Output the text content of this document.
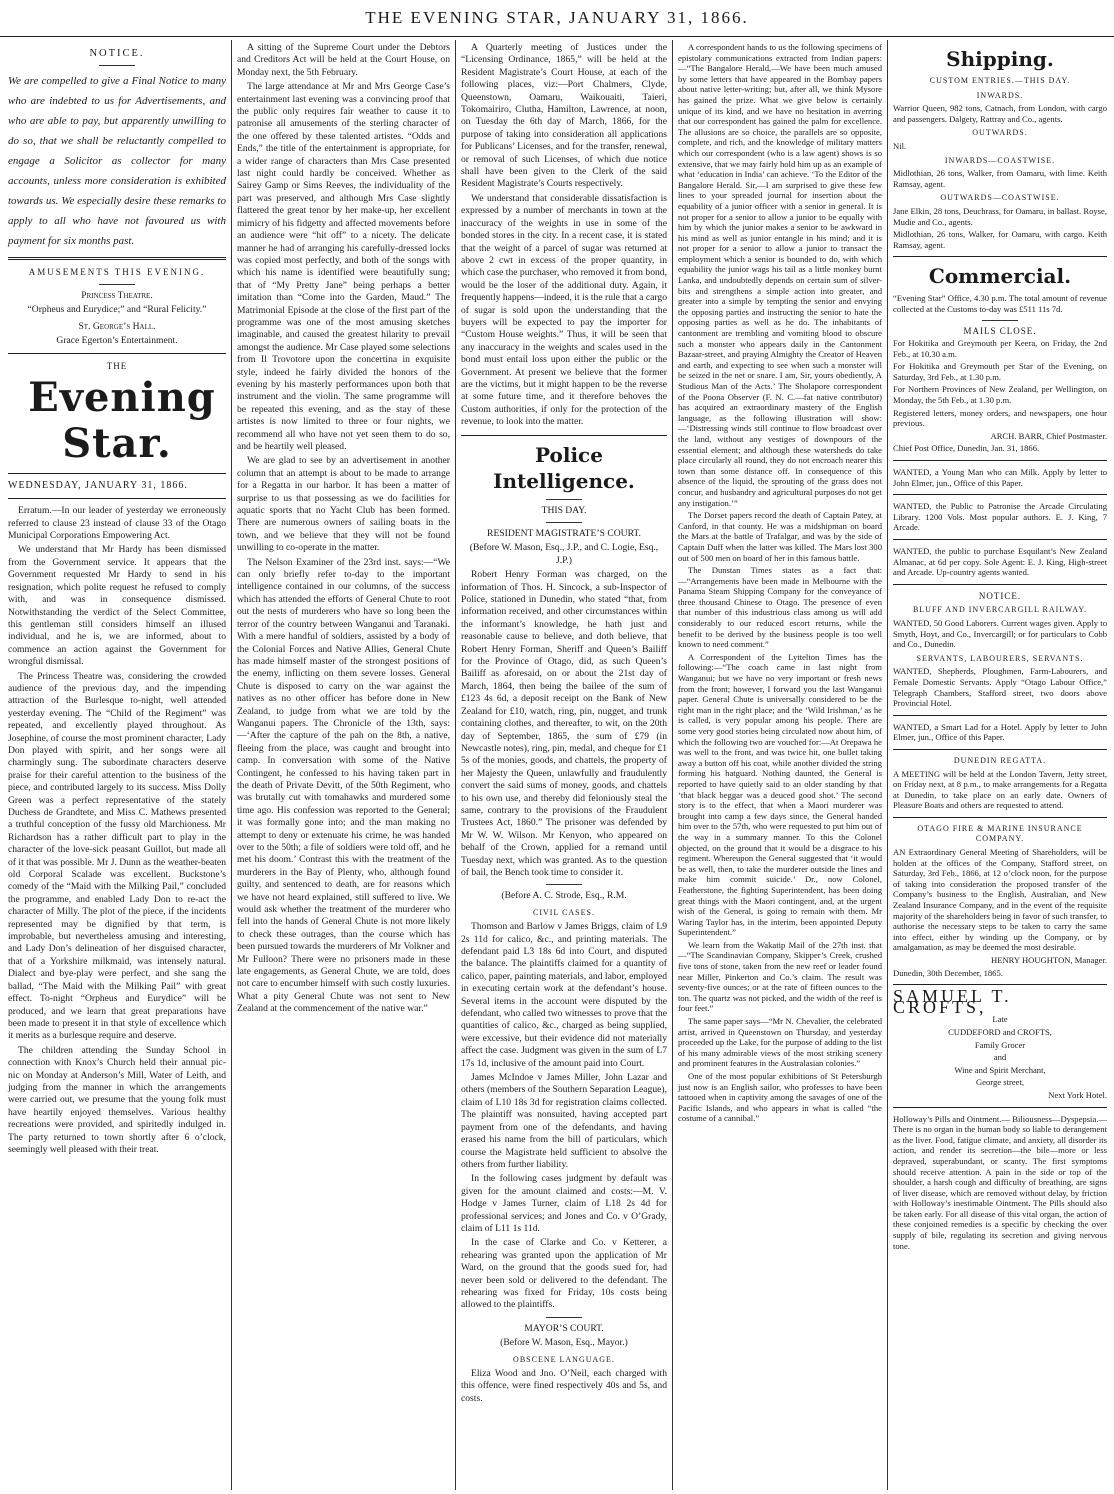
THE EVENING STAR, JANUARY 31, 1866.
NOTICE.

We are compelled to give a Final Notice to many who are indebted to us for Advertisements, and who are able to pay, but apparently unwilling to do so, that we shall be reluctantly compelled to engage a Solicitor as collector for many accounts, unless more consideration is exhibited towards us. We especially desire these remarks to apply to all who have not favoured us with payment for six months past.

AMUSEMENTS THIS EVENING.

Princess Theatre.

“Orpheus and Eurydice;” and “Rural Felicity.”

St. George’s Hall.

Grace Egerton’s Entertainment.

THE

Evening Star.

WEDNESDAY, JANUARY 31, 1866.

Erratum.—In our leader of yesterday we erroneously referred to clause 23 instead of clause 33 of the Otago Municipal Corporations Empowering Act.

We understand that Mr Hardy has been dismissed from the Government service. It appears that the Government requested Mr Hardy to send in his resignation, which polite request he refused to comply with, and was in consequence dismissed. Notwithstanding the verdict of the Select Committee, this gentleman still considers himself an illused individual, and he is, we are informed, about to commence an action against the Government for wrongful dismissal.

The Princess Theatre was, considering the crowded audience of the previous day, and the impending attraction of the Burlesque to-night, well attended yesterday evening. The “Child of the Regiment” was repeated, and excellently played throughout. As Josephine, of course the most prominent character, Lady Don played with spirit, and her songs were all charmingly sung. The subordinate characters deserve praise for their careful attention to the business of the piece, and contributed largely to its success. Miss Dolly Green was a perfect representative of the stately Duchess de Grandtete, and Miss C. Mathews presented a truthful conception of the fussy old Marchioness. Mr Richardson has a rather difficult part to play in the character of the love-sick peasant Guillot, but made all of it that was possible. Mr J. Dunn as the weather-beaten old Corporal Scalade was excellent. Buckstone’s comedy of the “Maid with the Milking Pail,” concluded the programme, and enabled Lady Don to re-act the character of Milly. The plot of the piece, if the incidents represented may be dignified by that term, is improbable, but nevertheless amusing and interesting, and Lady Don’s delineation of her disguised character, that of a Yorkshire milkmaid, was intensely natural. Dialect and bye-play were perfect, and she sang the ballad, “The Maid with the Milking Pail” with great effect. To-night “Orpheus and Eurydice” will be produced, and we learn that great preparations have been made to present it in that style of excellence which it merits as a burlesque require and deserve.

The children attending the Sunday School in connection with Knox’s Church held their annual pic-nic on Monday at Anderson’s Mill, Water of Leith, and judging from the manner in which the arrangements were carried out, we presume that the young folk must have heartily enjoyed themselves. Various healthy recreations were provided, and spiritedly indulged in. The party returned to town shortly after 6 o’clock, seemingly well pleased with their treat.

A sitting of the Supreme Court under the Debtors and Creditors Act will be held at the Court House, on Monday next, the 5th February.

The large attendance at Mr and Mrs George Case’s entertainment last evening was a convincing proof that the public only requires fair weather to cause it to patronise all amusements of the sterling character of the one offered by these talented artistes. “Odds and Ends,” the title of the entertainment is appropriate, for a wider range of characters than Mrs Case presented last night could hardly be conceived. Whether as Sairey Gamp or Sims Reeves, the individuality of the part was preserved, and although Mrs Case slightly flattered the great tenor by her make-up, her excellent mimicry of his fidgetty and affected movements before an audience were “hit off” to a nicety. The delicate manner he had of arranging his carefully-dressed locks was copied most perfectly, and both of the songs with which his name is identified were beautifully sung; that of “My Pretty Jane” being perhaps a better imitation than “Come into the Garden, Maud.” The Matrimonial Episode at the close of the first part of the programme was one of the most amusing sketches imaginable, and caused the greatest hilarity to prevail amongst the audience. Mr Case played some selections from Il Trovotore upon the concertina in exquisite style, indeed he fairly divided the honors of the evening by his masterly performances upon both that instrument and the violin. The same programme will be repeated this evening, and as the stay of these artistes is now limited to three or four nights, we recommend all who have not yet seen them to do so, and be heartily well pleased.

We are glad to see by an advertisement in another column that an attempt is about to be made to arrange for a Regatta in our harbor. It has been a matter of surprise to us that possessing as we do facilities for aquatic sports that no Yacht Club has been formed. There are numerous owners of sailing boats in the town, and we believe that they will not be found unwilling to co-operate in the matter.

The Nelson Examiner of the 23rd inst. says:—“We can only briefly refer to-day to the important intelligence contained in our columns, of the success which has attended the efforts of General Chute to root out the nests of murderers who have so long been the terror of the country between Wanganui and Taranaki. With a mere handful of soldiers, assisted by a body of the Colonial Forces and Native Allies, General Chute has made himself master of the strongest positions of the enemy, inflicting on them severe losses. General Chute is disposed to carry on the war against the natives as no other officer has before done in New Zealand, to judge from what we are told by the Wanganui papers. The Chronicle of the 13th, says: —‘After the capture of the pah on the 8th, a native, fleeing from the place, was caught and brought into camp. In conversation with some of the Native Contingent, he confessed to his having taken part in the death of Private Devitt, of the 50th Regiment, who was brutally cut with tomahawks and murdered some time ago. His confession was reported to the General; it was formally gone into; and the man making no attempt to deny or extenuate his crime, he was handed over to the 50th; a file of soldiers were told off, and he met his doom.’ Contrast this with the treatment of the murderers in the Bay of Plenty, who, although found guilty, and sentenced to death, are for reasons which we have not heard explained, still suffered to live. We would ask whether the treatment of the murderer who fell into the hands of General Chute is not more likely to check these outrages, than the course which has been pursued towards the murderers of Mr Volkner and Mr Fulloon? There were no prisoners made in these late engagements, as General Chute, we are told, does not care to encumber himself with such costly luxuries. What a pity General Chute was not sent to New Zealand at the commencement of the native war.”

A Quarterly meeting of Justices under the “Licensing Ordinance, 1865,” will be held at the Resident Magistrate’s Court House, at each of the following places, viz:—Port Chalmers, Clyde, Queenstown, Oamaru, Waikouaiti, Taieri, Tokomairiro, Clutha, Hamilton, Lawrence, at noon, on Tuesday the 6th day of March, 1866, for the purpose of taking into consideration all applications for Publicans’ Licenses, and for the transfer, renewal, or removal of such Licenses, of which due notice shall have been given to the Clerk of the said Resident Magistrate’s Courts respectively.

We understand that considerable dissatisfaction is expressed by a number of merchants in town at the inaccuracy of the weights in use in some of the bonded stores in the city. In a recent case, it is stated that the weight of a parcel of sugar was returned at above 2 cwt in excess of the proper quantity, in which case the purchaser, who removed it from bond, would be the loser of the additional duty. Again, it frequently happens—indeed, it is the rule that a cargo of sugar is sold upon the understanding that the buyers will be expected to pay the importer for “Custom House weights.” Thus, it will be seen that any inaccuracy in the weights and scales used in the bond must entail loss upon either the public or the Government. At present we believe that the former are the victims, but it might happen to be the reverse at some future time, and it therefore behoves the Custom authorities, if only for the protection of the revenue, to look into the matter.

Police Intelligence.

THIS DAY.

RESIDENT MAGISTRATE’S COURT.

(Before W. Mason, Esq., J.P., and C. Logie, Esq., J.P.)

Robert Henry Forman was charged, on the information of Thos. H. Sincock, a sub-Inspector of Police, stationed in Dunedin, who stated “that, from information received, and other circumstances within the informant’s knowledge, he hath just and reasonable cause to believe, and doth believe, that Robert Henry Forman, Sheriff and Queen’s Bailiff for the Province of Otago, did, as such Queen’s Bailiff as aforesaid, on or about the 21st day of March, 1864, then being the bailee of the sum of £123 4s 6d, a deposit receipt on the Bank of New Zealand for £10, watch, ring, pin, nugget, and trunk containing clothes, and thereafter, to wit, on the 20th day of September, 1865, the sum of £79 (in Newcastle notes), ring, pin, medal, and cheque for £1 5s of the monies, goods, and chattels, the property of her Majesty the Queen, unlawfully and fraudulently convert the said sums of money, goods, and chattels to his own use, and thereby did feloniously steal the same, contrary to the provisions of the Fraudulent Trustees Act, 1860.” The prisoner was defended by Mr W. W. Wilson. Mr Kenyon, who appeared on behalf of the Crown, applied for a remand until Tuesday next, which was granted. As to the question of bail, the Bench took time to consider it.

(Before A. C. Strode, Esq., R.M.

CIVIL CASES.

Thomson and Barlow v James Briggs, claim of L9 2s 11d for calico, &c., and printing materials. The defendant paid L3 18s 6d into Court, and disputed the balance. The plaintiffs claimed for a quantity of calico, paper, painting materials, and labor, employed in executing certain work at the defendant’s house. Several items in the account were disputed by the defendant, who called two witnesses to prove that the quantities of calico, &c., charged as being supplied, were excessive, but their evidence did not materially affect the case. Judgment was given in the sum of L7 17s 1d, inclusive of the amount paid into Court.

James McIndoe v James Miller, John Lazar and others (members of the Southern Separation League), claim of L10 18s 3d for registration claims collected. The plaintiff was nonsuited, having accepted part payment from one of the defendants, and having erased his name from the bill of particulars, which course the Magistrate held sufficient to absolve the others from further liability.

In the following cases judgment by default was given for the amount claimed and costs:—M. V. Hodge v James Turner, claim of L18 2s 4d for professional services; and Jones and Co. v O’Grady, claim of L11 1s 11d.

In the case of Clarke and Co. v Ketterer, a rehearing was granted upon the application of Mr Ward, on the ground that the goods sued for, had never been sold or delivered to the defendant. The rehearing was fixed for Friday, 10s costs being allowed to the plaintiffs.

MAYOR’S COURT.

(Before W. Mason, Esq., Mayor.)

OBSCENE LANGUAGE.

Eliza Wood and Jno. O’Neil, each charged with this offence, were fined respectively 40s and 5s, and costs.

A correspondent hands to us the following specimens of epistolary communications extracted from Indian papers:—“The Bangalore Herald,—We have been much amused by some letters that have appeared in the Bombay papers about native letter-writing; but, after all, we think Mysore has gained the prize. What we give below is certainly unique of its kind, and we have no hesitation in averring that our correspondent has gained the palm for excellence. The allusions are so choice, the parallels are so opposite, complete, and rich, and the knowledge of military matters which our correspondent (who is a law agent) shows is so extensive, that we may fairly hold him up as an example of what ‘education in India’ can achieve. ‘To the Editor of the Bangalore Herald. Sir,—I am surprised to give these few lines to your spreaded journal for insertion about the equability of a junior officer with a senior in general. It is not proper for a senior to allow a junior to be equally with him by which the junior makes a senior to be awkward in his mind as well as junior entangle in his mind; and it is not proper for a senior to allow a junior to transact the employment which a senior is bounded to do, with which equability the junior wags his tail as a little monkey burnt Lanka, and undoubtedly depends on certain sum of silver-bits and strengthens a simple action into greater, and greater into a simple by tempting the senior and envying the opposing parties and instructing the senior to hate the opposing parties as well as he do. The inhabitants of cantonment are trembling and vomiting blood to obscure such a monster who appears daily in the Cantonment Bazaar-street, and praying Almighty the Creator of Heaven and earth, and expecting to see when such a monster will be seized in the net or snare. I am, Sir, yours obediently, A Studious Man of the Acts.’ The Sholapore correspondent of the Poona Observer (F. N. C.—fat native contributor) has acquired an extraordinary mastery of the English language, as the following illustration will show:—‘Distressing winds still continue to flow broadcast over the land, without any vestiges of downpours of the essential element; and although these watersheds do take place circularly all round, they do not encroach nearer this town than some distance off. In consequence of this absence of the liquid, the sprouting of the grass does not concur, and husbandry and agricultural purposes do not get any instigation.’”

The Dorset papers record the death of Captain Patey, at Canford, in that county. He was a midshipman on board the Mars at the battle of Trafalgar, and was by the side of Captain Duff when the latter was killed. The Mars lost 300 out of 500 men on board of her in this famous battle.

The Dunstan Times states as a fact that:—“Arrangements have been made in Melbourne with the Panama Steam Shipping Company for the conveyance of three thousand Chinese to Otago. The presence of even that number of this industrious class among us will add considerably to our reduced escort returns, while the benefit to be derived by the business people is too well known to need comment.”

A Correspondent of the Lyttelton Times has the following:—“The coach came in last night from Wanganui; but we have no very important or fresh news from the front; however, I forward you the last Wanganui paper. General Chute is universally considered to be the right man in the right place; and the ‘Wild Irishman,’ as he is called, is very popular among his people. There are some very good stories being circulated now about him, of which the following two are vouched for:—At Orepawa he was well to the front, and was twice hit, one bullet taking away a button off his coat, while another divided the string forming his hatguard. Nothing daunted, the General is reported to have quietly said to an older standing by that ‘that black beggar was a deuced good shot.’ The second story is to the effect, that when a Maori murderer was brought into camp a few days since, the General handed him over to the 57th, who were requested to put him out of the way in a summary manner. To this the Colonel objected, on the ground that it would be a disgrace to his regiment. Whereupon the General suggested that ‘it would be as well, then, to take the murderer outside the lines and make him commit suicide.’ Dr., now Colonel, Featherstone, the fighting Superintendent, has been doing great things with the Maori contingent, and, at the urgent wish of the General, is going to remain with them. Mr Waring Taylor has, in the interim, been appointed Deputy Superintendent.”

We learn from the Wakatip Mail of the 27th inst. that—“The Scandinavian Company, Skipper’s Creek, crushed five tons of stone, taken from the new reef or leader found near Miller, Pinkerton and Co.’s claim. The result was seventy-five ounces; or at the rate of fifteen ounces to the ton. The quartz was not picked, and the width of the reef is four feet.”

The same paper says—“Mr N. Chevalier, the celebrated artist, arrived in Queenstown on Thursday, and yesterday proceeded up the Lake, for the purpose of adding to the list of his many admirable views of the most striking scenery and prominent features in the Australasian colonies.”

One of the most popular exhibitions of St Petersburgh just now is an English sailor, who professes to have been tattooed when in captivity among the savages of one of the Pacific Islands, and who appears in what is called “the costume of a cannibal.”

Shipping.

CUSTOM ENTRIES.—THIS DAY.

INWARDS.

Warrior Queen, 982 tons, Catnach, from London, with cargo and passengers. Dalgety, Rattray and Co., agents.

OUTWARDS.

Nil.

INWARDS—COASTWISE.

Midlothian, 26 tons, Walker, from Oamaru, with lime. Keith Ramsay, agent.

OUTWARDS—COASTWISE.

Jane Elkin, 28 tons, Deuchrass, for Oamaru, in ballast. Royse, Mudie and Co., agents.

Midlothian, 26 tons, Walker, for Oamaru, with cargo. Keith Ramsay, agent.

Commercial.

“Evening Star” Office, 4.30 p.m. The total amount of revenue collected at the Customs to-day was £511 11s 7d.

MAILS CLOSE.

For Hokitika and Greymouth per Keera, on Friday, the 2nd Feb., at 10.30 a.m.

For Hokitika and Greymouth per Star of the Evening, on Saturday, 3rd Feb., at 1.30 p.m.

For Northern Provinces of New Zealand, per Wellington, on Monday, the 5th Feb., at 1.30 p.m.

Registered letters, money orders, and newspapers, one hour previous.

ARCH. BARR, Chief Postmaster.

Chief Post Office, Dunedin, Jan. 31, 1866.

WANTED, a Young Man who can Milk. Apply by letter to John Elmer, jun., Office of this Paper.

WANTED, the Public to Patronise the Arcade Circulating Library. 1200 Vols. Most popular authors. E. J. King, 7 Arcade.

WANTED, the public to purchase Esquilant’s New Zealand Almanac, at 6d per copy. Sole Agent: E. J. King, High-street and Arcade. Up-country agents wanted.

NOTICE.

BLUFF AND INVERCARGILL RAILWAY.

WANTED, 50 Good Laborers. Current wages given. Apply to Smyth, Hoyt, and Co., Invercargill; or for particulars to Cobb and Co., Dunedin.

SERVANTS, LABOURERS, SERVANTS.

WANTED, Shepherds, Ploughmen, Farm-Labourers, and Female Domestic Servants. Apply “Otago Labour Office,” Telegraph Chambers, Stafford street, two doors above Provincial Hotel.

WANTED, a Smart Lad for a Hotel. Apply by letter to John Elmer, jun., Office of this Paper.

DUNEDIN REGATTA.

A MEETING will be held at the London Tavern, Jetty street, on Friday next, at 8 p.m., to make arrangements for a Regatta at Dunedin, to take place on an early date. Owners of Pleasure Boats and others are requested to attend.

OTAGO FIRE & MARINE INSURANCE COMPANY.

AN Extraordinary General Meeting of Shareholders, will be holden at the offices of the Company, Stafford street, on Saturday, 3rd Feb., 1866, at 12 o’clock noon, for the purpose of taking into consideration the proposed transfer of the Company’s business to the English, Australian, and New Zealand Insurance Company, and in the event of the requisite majority of the shareholders being in favor of such transfer, to authorise the necessary steps to be taken to carry the same into effect, either by winding up the Company, or by amalgamation, as may be deemed the most desirable.

HENRY HOUGHTON, Manager.

Dunedin, 30th December, 1865.

SAMUEL T. CROFTS,

Late

CUDDEFORD and CROFTS,

Family Grocer

and

Wine and Spirit Merchant,

George street,

Next York Hotel.

Holloway’s Pills and Ointment.— Biliousness—Dyspepsia.—There is no organ in the human body so liable to derangement as the liver. Food, fatigue climate, and anxiety, all disorder its action, and render its secretion—the bile—more or less depraved, superabundant, or scanty. The first symptoms should receive attention. A pain in the side or top of the shoulder, a harsh cough and difficulty of breathing, are signs of liver disease, which are removed without delay, by friction with Holloway’s inestimable Ointment. The Pills should also be taken early. For all disease of this vital organ, the action of these conjoined remedies is a specific by checking the over supply of bile, regulating its secretion and giving nervous tone.
